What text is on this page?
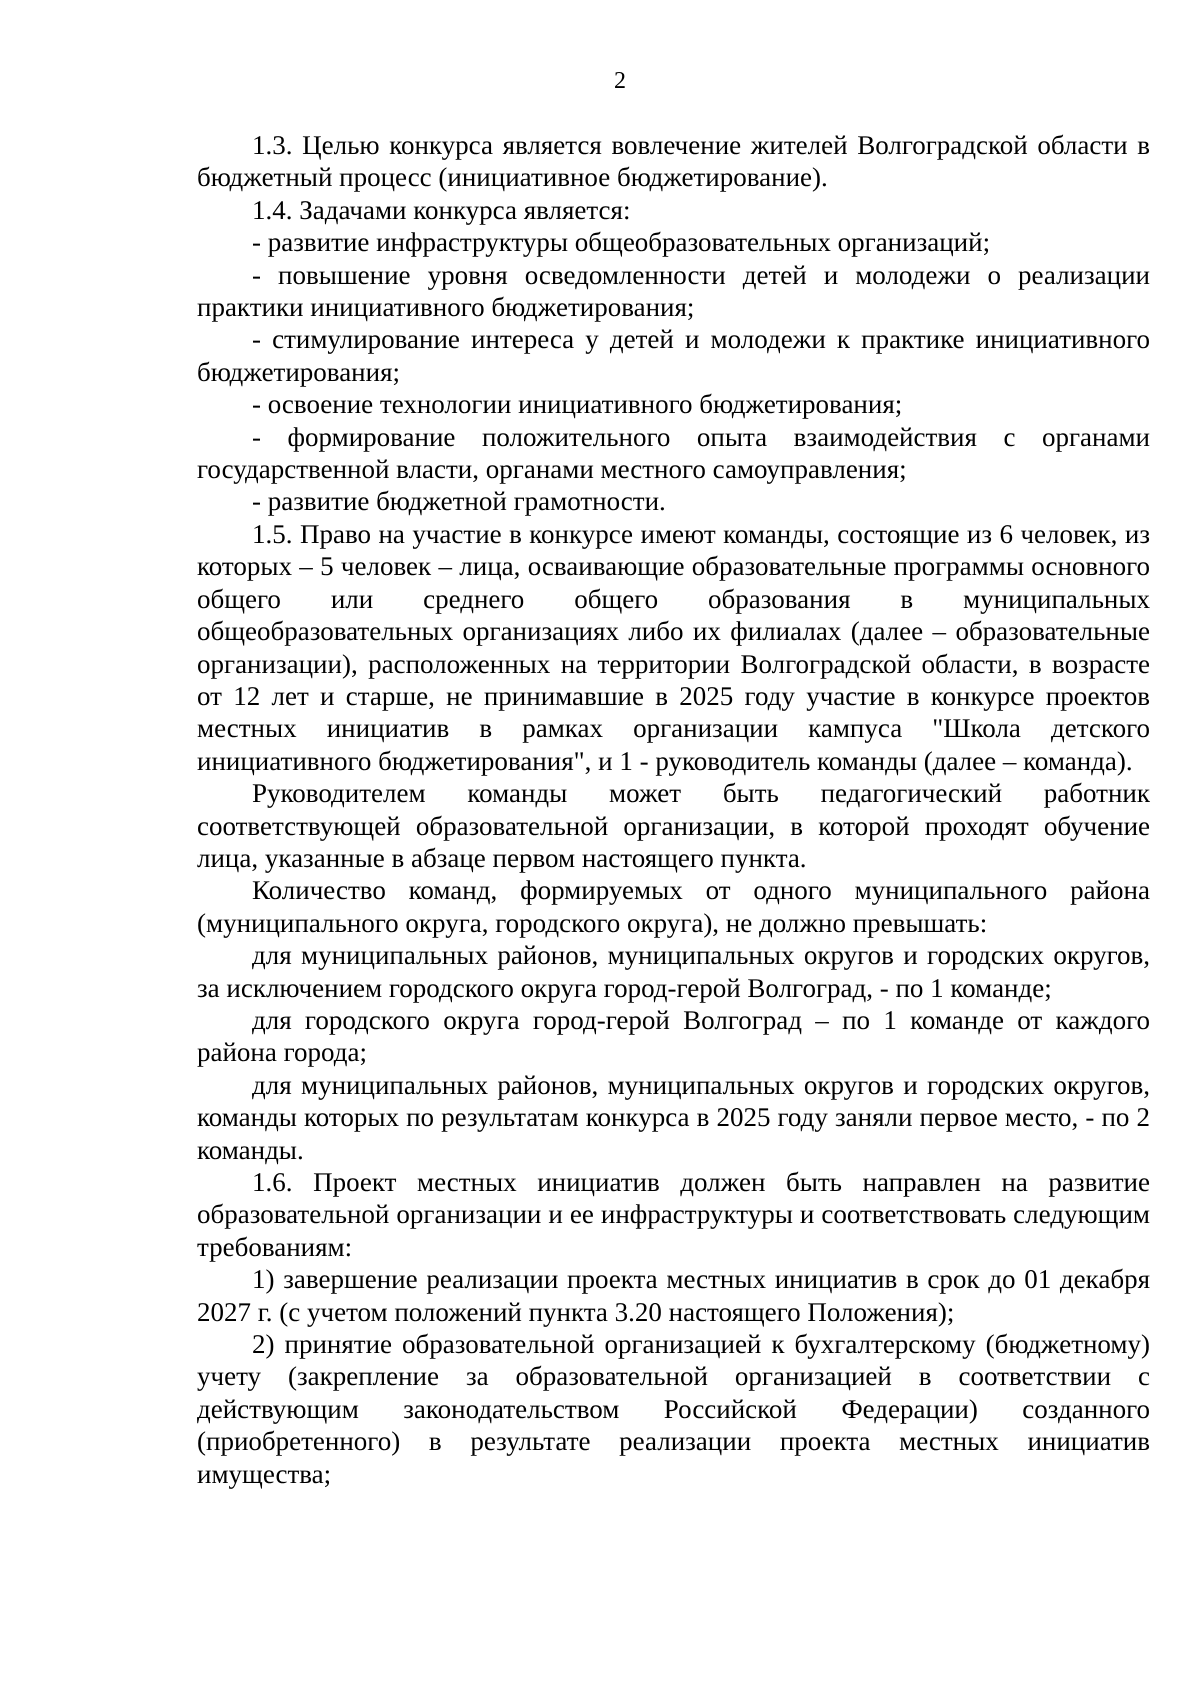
2

1.3. Целью конкурса является вовлечение жителей Волгоградской области в бюджетный процесс (инициативное бюджетирование).

1.4. Задачами конкурса является:

- развитие инфраструктуры общеобразовательных организаций;

- повышение уровня осведомленности детей и молодежи о реализации практики инициативного бюджетирования;

- стимулирование интереса у детей и молодежи к практике инициативного бюджетирования;

- освоение технологии инициативного бюджетирования;

- формирование положительного опыта взаимодействия с органами государственной власти, органами местного самоуправления;

- развитие бюджетной грамотности.

1.5. Право на участие в конкурсе имеют команды, состоящие из 6 человек, из которых – 5 человек – лица, осваивающие образовательные программы основного общего или среднего общего образования в муниципальных общеобразовательных организациях либо их филиалах (далее – образовательные организации), расположенных на территории Волгоградской области, в возрасте от 12 лет и старше, не принимавшие в 2025 году участие в конкурсе проектов местных инициатив в рамках организации кампуса "Школа детского инициативного бюджетирования", и 1 - руководитель команды (далее – команда).

Руководителем команды может быть педагогический работник соответствующей образовательной организации, в которой проходят обучение лица, указанные в абзаце первом настоящего пункта.

Количество команд, формируемых от одного муниципального района (муниципального округа, городского округа), не должно превышать:

для муниципальных районов, муниципальных округов и городских округов, за исключением городского округа город-герой Волгоград, - по 1 команде;

для городского округа город-герой Волгоград – по 1 команде от каждого района города;

для муниципальных районов, муниципальных округов и городских округов, команды которых по результатам конкурса в 2025 году заняли первое место, - по 2 команды.

1.6. Проект местных инициатив должен быть направлен на развитие образовательной организации и ее инфраструктуры и соответствовать следующим требованиям:

1) завершение реализации проекта местных инициатив в срок до 01 декабря 2027 г. (с учетом положений пункта 3.20 настоящего Положения);

2) принятие образовательной организацией к бухгалтерскому (бюджетному) учету (закрепление за образовательной организацией в соответствии с действующим законодательством Российской Федерации) созданного (приобретенного) в результате реализации проекта местных инициатив имущества;
